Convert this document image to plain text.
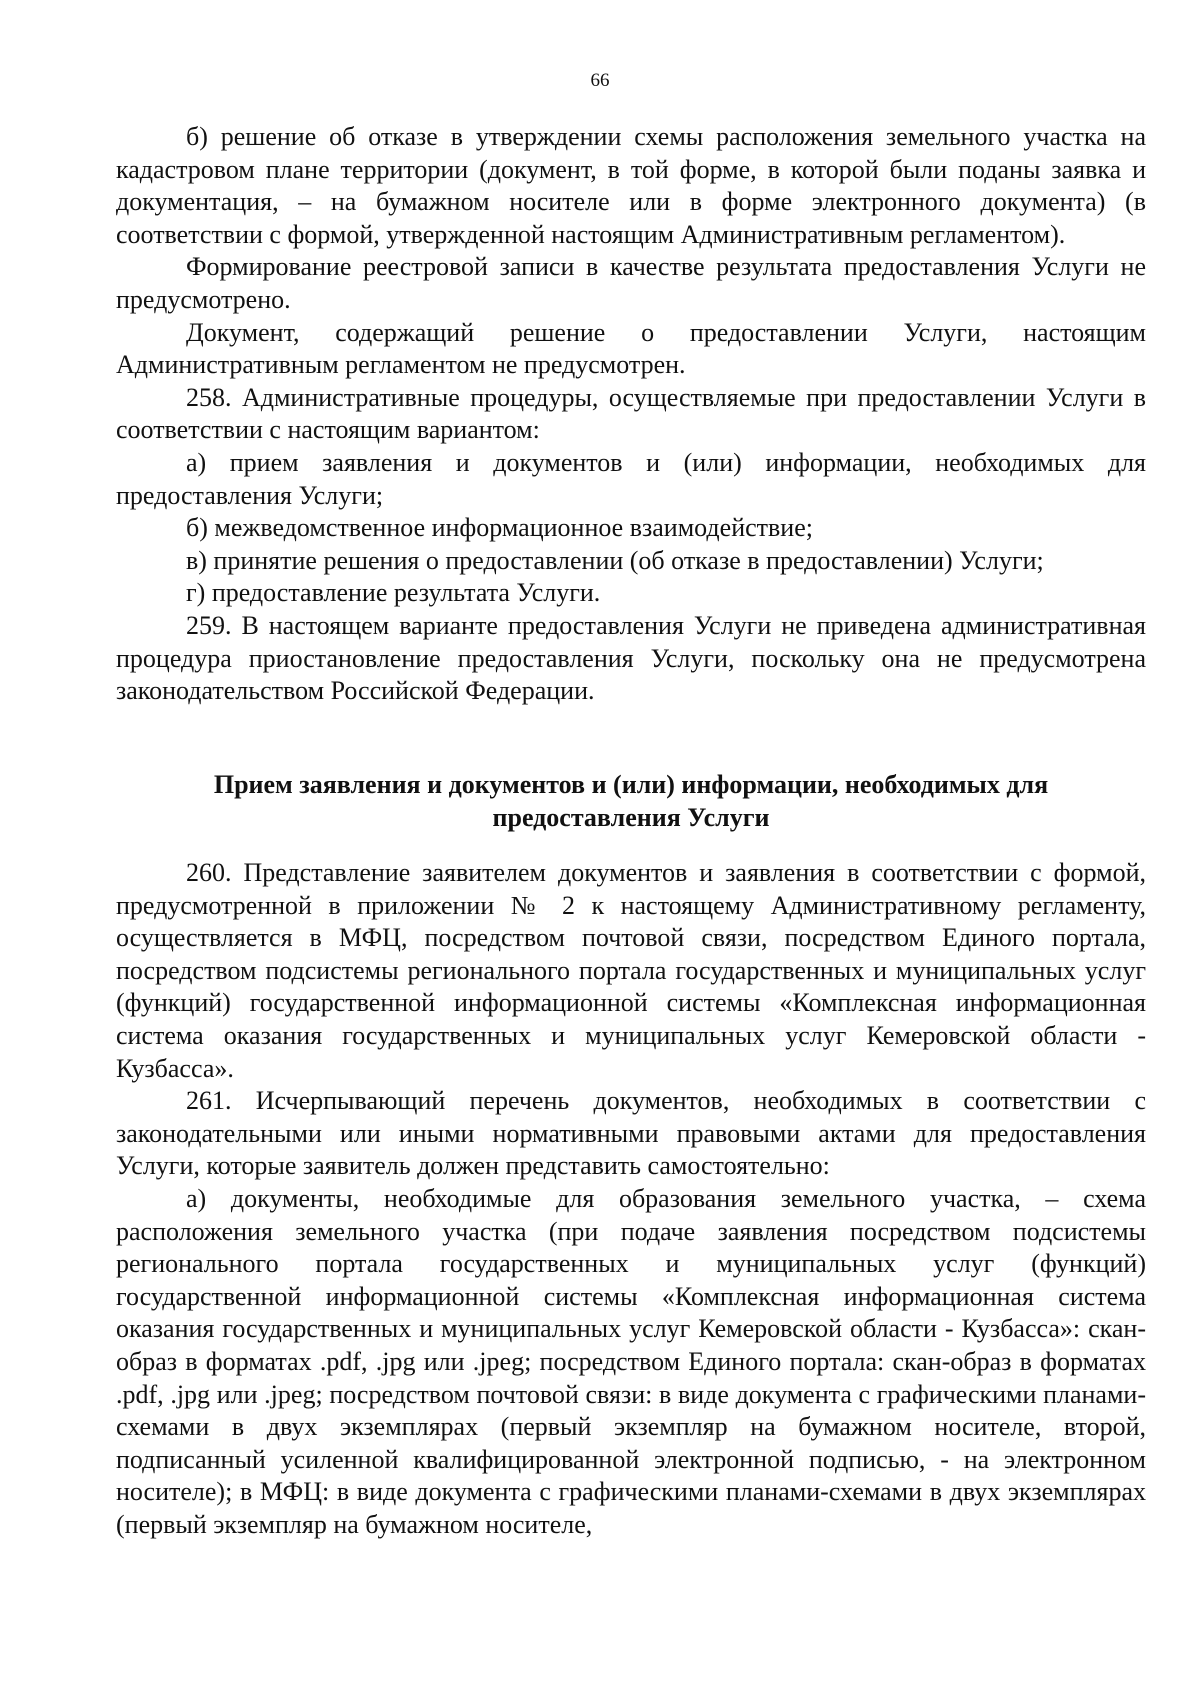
66

б) решение об отказе в утверждении схемы расположения земельного участка на кадастровом плане территории (документ, в той форме, в которой были поданы заявка и документация, – на бумажном носителе или в форме электронного документа) (в соответствии с формой, утвержденной настоящим Административным регламентом).

Формирование реестровой записи в качестве результата предоставления Услуги не предусмотрено.

Документ, содержащий решение о предоставлении Услуги, настоящим Административным регламентом не предусмотрен.

258. Административные процедуры, осуществляемые при предоставлении Услуги в соответствии с настоящим вариантом:

а) прием заявления и документов и (или) информации, необходимых для предоставления Услуги;

б) межведомственное информационное взаимодействие;

в) принятие решения о предоставлении (об отказе в предоставлении) Услуги;

г) предоставление результата Услуги.

259. В настоящем варианте предоставления Услуги не приведена административная процедура приостановление предоставления Услуги, поскольку она не предусмотрена законодательством Российской Федерации.

Прием заявления и документов и (или) информации, необходимых для
предоставления Услуги

260. Представление заявителем документов и заявления в соответствии с формой, предусмотренной в приложении № 2 к настоящему Административному регламенту, осуществляется в МФЦ, посредством почтовой связи, посредством Единого портала, посредством подсистемы регионального портала государственных и муниципальных услуг (функций) государственной информационной системы «Комплексная информационная система оказания государственных и муниципальных услуг Кемеровской области - Кузбасса».

261. Исчерпывающий перечень документов, необходимых в соответствии с законодательными или иными нормативными правовыми актами для предоставления Услуги, которые заявитель должен представить самостоятельно:

а) документы, необходимые для образования земельного участка, – схема расположения земельного участка (при подаче заявления посредством подсистемы регионального портала государственных и муниципальных услуг (функций) государственной информационной системы «Комплексная информационная система оказания государственных и муниципальных услуг Кемеровской области - Кузбасса»: скан-образ в форматах .pdf, .jpg или .jpeg; посредством Единого портала: скан-образ в форматах .pdf, .jpg или .jpeg; посредством почтовой связи: в виде документа с графическими планами-схемами в двух экземплярах (первый экземпляр на бумажном носителе, второй, подписанный усиленной квалифицированной электронной подписью, - на электронном носителе); в МФЦ: в виде документа с графическими планами-схемами в двух экземплярах (первый экземпляр на бумажном носителе,
